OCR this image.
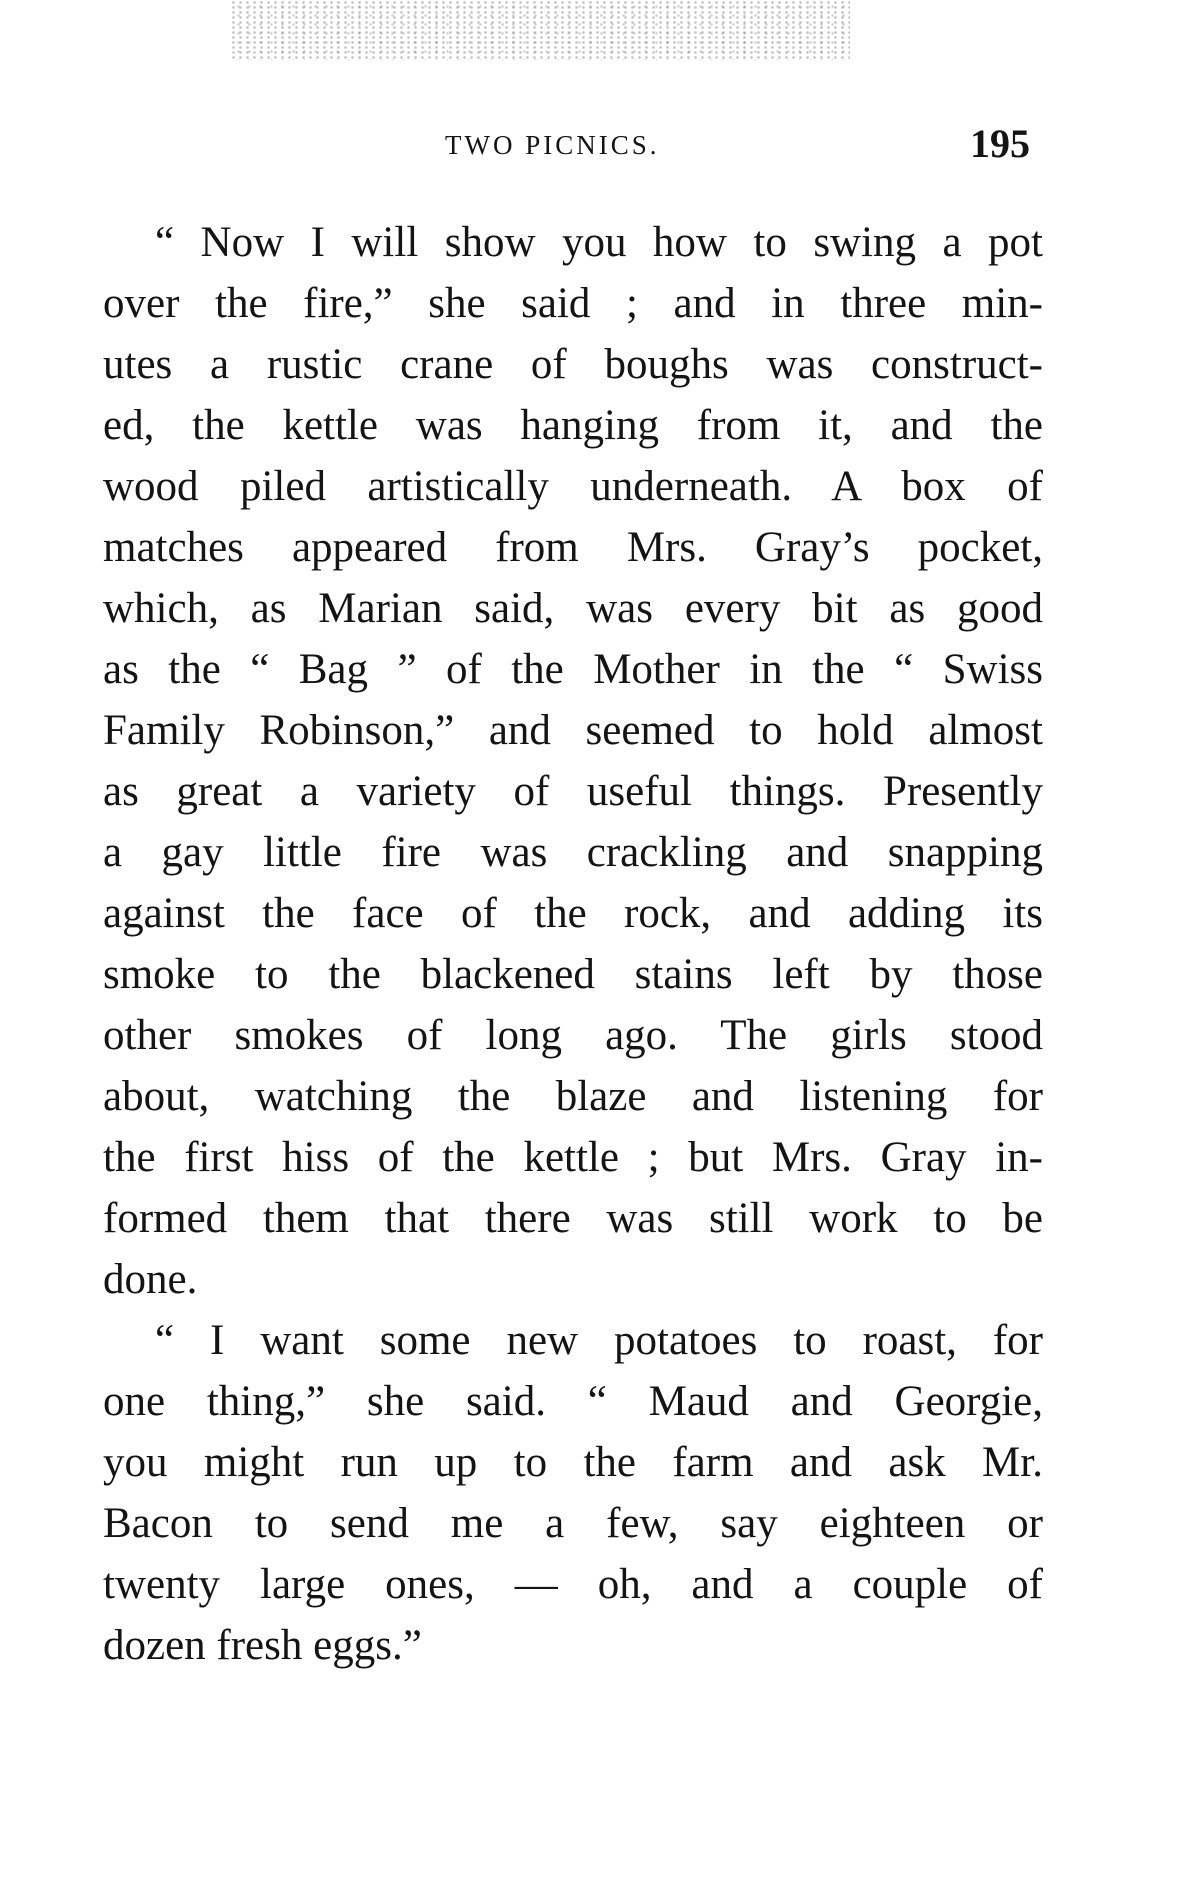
TWO PICNICS.	195
“ Now I will show you how to swing a pot
over the fire,” she said ; and in three min-
utes a rustic crane of boughs was construct-
ed, the kettle was hanging from it, and the
wood piled artistically underneath. A box of
matches appeared from Mrs. Gray’s pocket,
which, as Marian said, was every bit as good
as the “ Bag ” of the Mother in the “ Swiss
Family Robinson,” and seemed to hold almost
as great a variety of useful things. Presently
a gay little fire was crackling and snapping
against the face of the rock, and adding its
smoke to the blackened stains left by those
other smokes of long ago. The girls stood
about, watching the blaze and listening for
the first hiss of the kettle ; but Mrs. Gray in-
formed them that there was still work to be
done.
“ I want some new potatoes to roast, for
one thing,” she said. “ Maud and Georgie,
you might run up to the farm and ask Mr.
Bacon to send me a few, say eighteen or
twenty large ones, — oh, and a couple of
dozen fresh eggs.”
